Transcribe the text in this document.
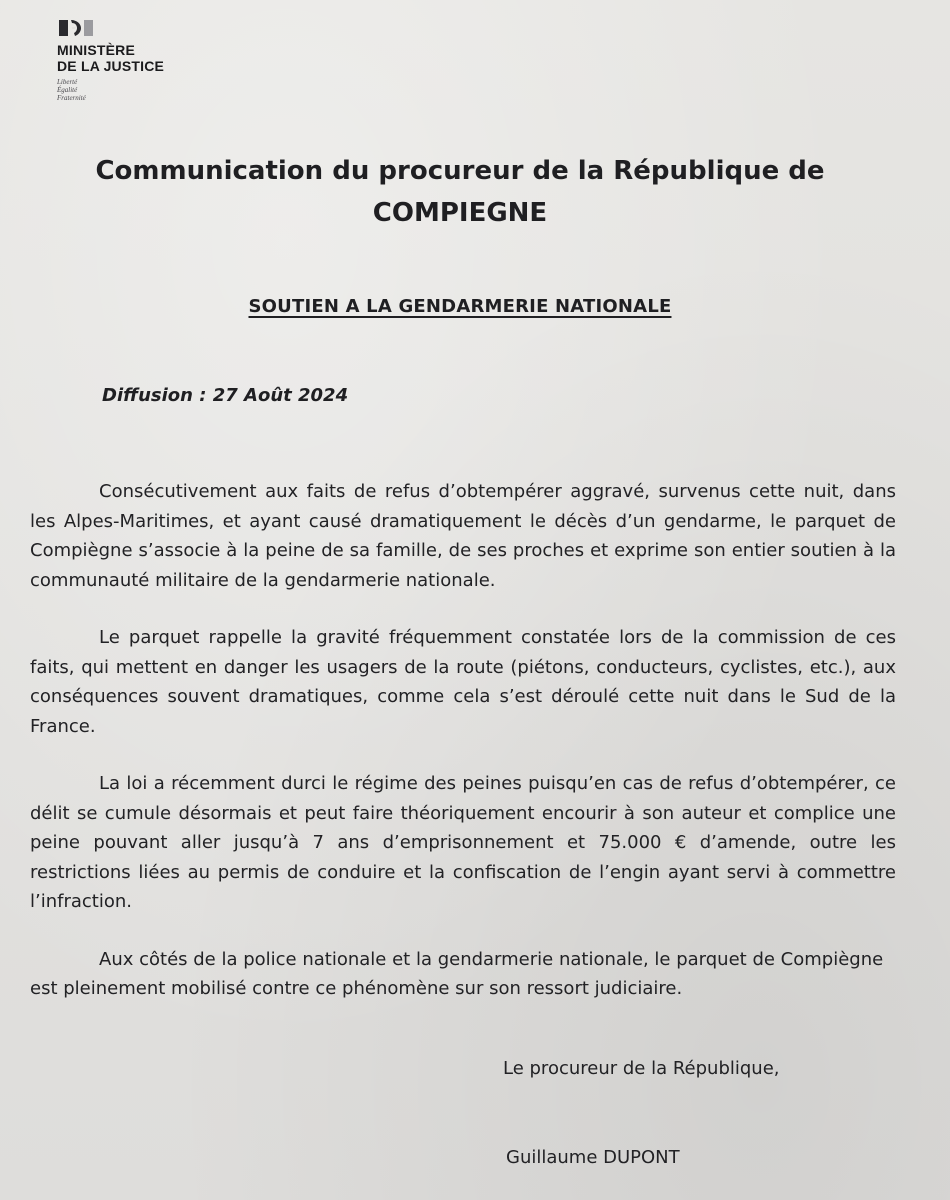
MINISTÈRE
DE LA JUSTICE
Liberté
Égalité
Fraternité
Communication du procureur de la République de
COMPIEGNE
SOUTIEN A LA GENDARMERIE NATIONALE
Diffusion : 27 Août 2024

Consécutivement aux faits de refus d’obtempérer aggravé, survenus cette nuit, dans les Alpes-Maritimes, et ayant causé dramatiquement le décès d’un gendarme, le parquet de Compiègne s’associe à la peine de sa famille, de ses proches et exprime son entier soutien à la communauté militaire de la gendarmerie nationale.

Le parquet rappelle la gravité fréquemment constatée lors de la commission de ces faits, qui mettent en danger les usagers de la route (piétons, conducteurs, cyclistes, etc.), aux conséquences souvent dramatiques, comme cela s’est déroulé cette nuit dans le Sud de la France.

La loi a récemment durci le régime des peines puisqu’en cas de refus d’obtempérer, ce délit se cumule désormais et peut faire théoriquement encourir à son auteur et complice une peine pouvant aller jusqu’à 7 ans d’emprisonnement et 75.000 € d’amende, outre les restrictions liées au permis de conduire et la confiscation de l’engin ayant servi à commettre l’infraction.

Aux côtés de la police nationale et la gendarmerie nationale, le parquet de Compiègne est pleinement mobilisé contre ce phénomène sur son ressort judiciaire.

Le procureur de la République,
Guillaume DUPONT
